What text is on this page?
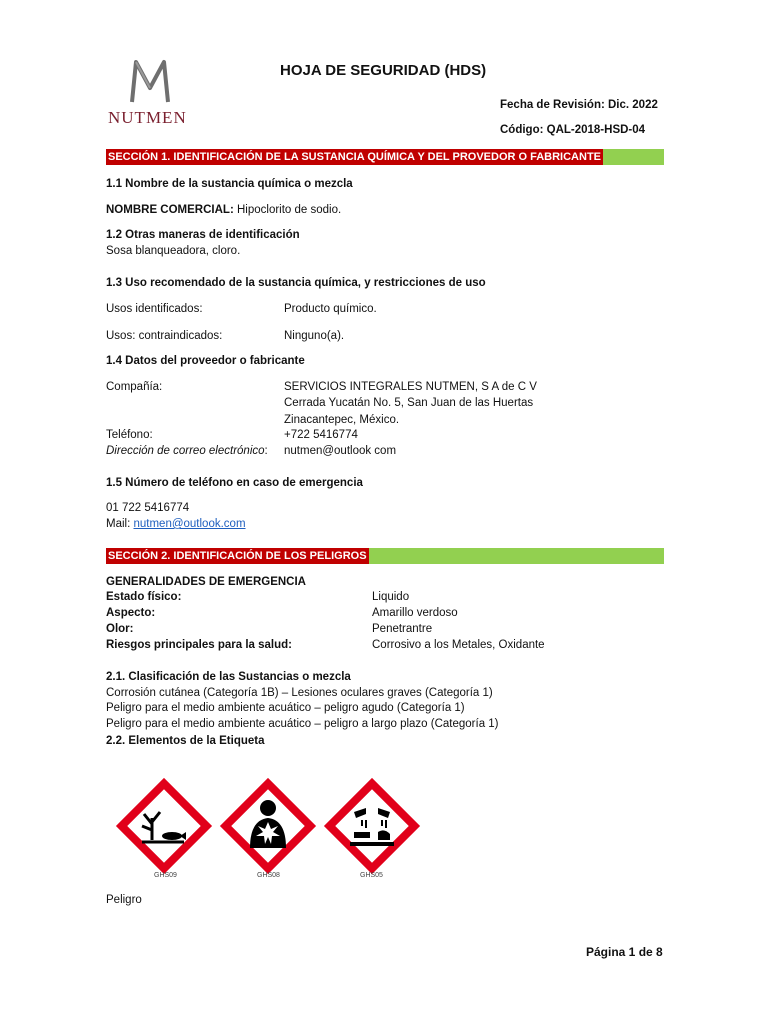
NUTMEN
HOJA DE SEGURIDAD (HDS)
Fecha de Revisión: Dic. 2022
Código: QAL-2018-HSD-04
SECCIÓN 1. IDENTIFICACIÓN DE LA SUSTANCIA QUÍMICA Y DEL PROVEDOR O FABRICANTE
1.1 Nombre de la sustancia química o mezcla
NOMBRE COMERCIAL: Hipoclorito de sodio.
1.2 Otras maneras de identificación
Sosa blanqueadora, cloro.
1.3 Uso recomendado de la sustancia química, y restricciones de uso
Usos identificados:	Producto químico.
Usos: contraindicados:	Ninguno(a).
1.4 Datos del proveedor o fabricante
Compañía:	SERVICIOS INTEGRALES NUTMEN, S A de C V
Cerrada Yucatán No. 5, San Juan de las Huertas
Zinacantepec, México.
Teléfono:	+722 5416774
Dirección de correo electrónico: nutmen@outlook com
1.5 Número de teléfono en caso de emergencia
01 722 5416774
Mail: nutmen@outlook.com
SECCIÓN 2. IDENTIFICACIÓN DE LOS PELIGROS
GENERALIDADES DE EMERGENCIA
Estado físico:	Liquido
Aspecto:	Amarillo verdoso
Olor:	Penetrantre
Riesgos principales para la salud:	Corrosivo a los Metales, Oxidante
2.1. Clasificación de las Sustancias o mezcla
Corrosión cutánea (Categoría 1B) – Lesiones oculares graves (Categoría 1)
Peligro para el medio ambiente acuático – peligro agudo (Categoría 1)
Peligro para el medio ambiente acuático – peligro a largo plazo (Categoría 1)
2.2. Elementos de la Etiqueta
GHS09	GHS08	GHS05
Peligro
Página 1 de 8
